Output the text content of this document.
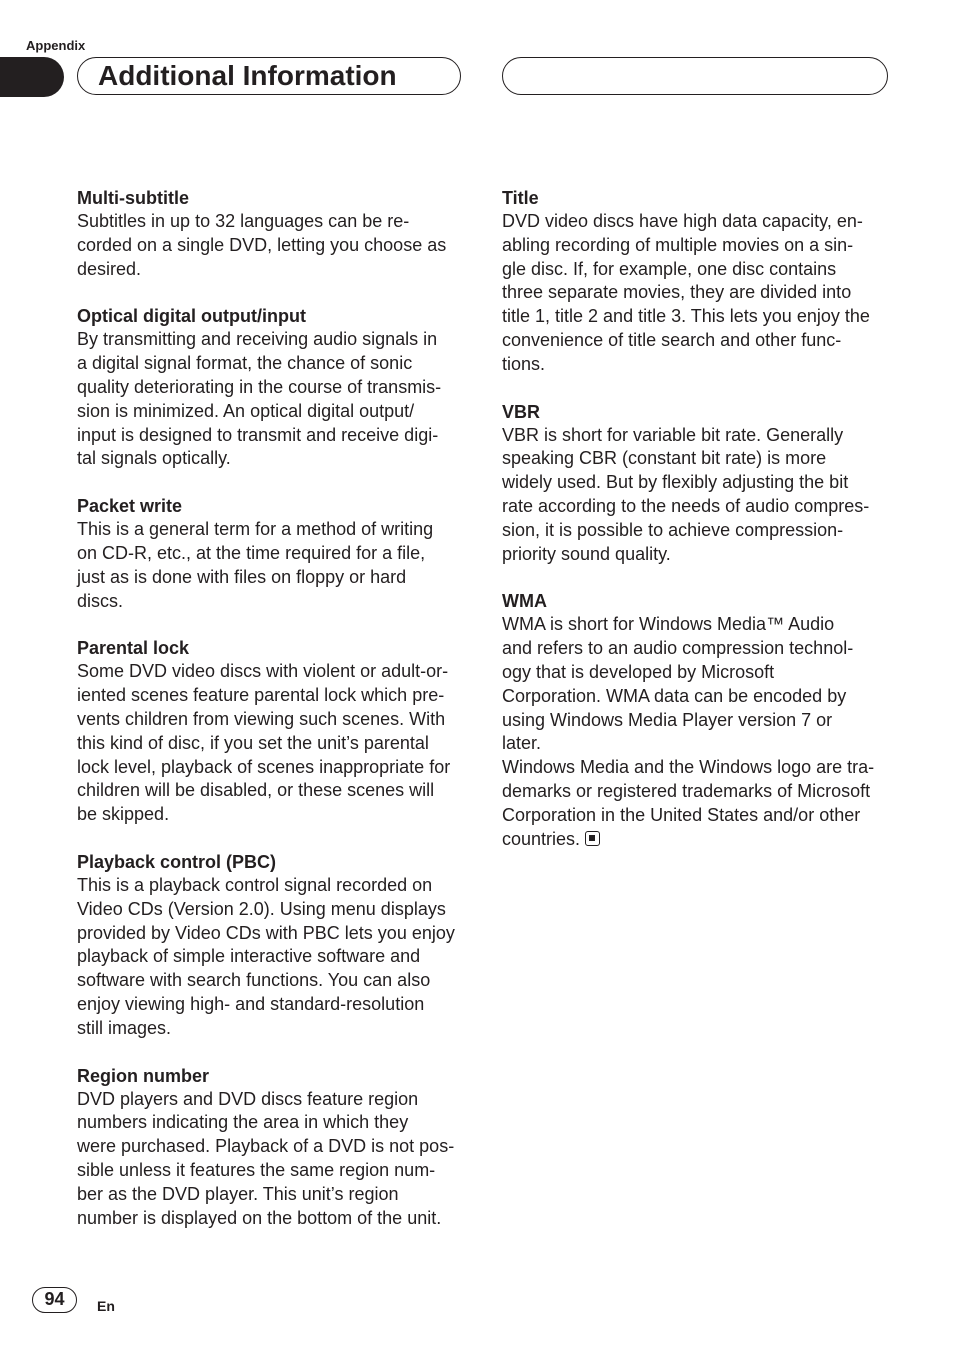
Appendix
Additional Information
Multi-subtitle
Subtitles in up to 32 languages can be re-
corded on a single DVD, letting you choose as
desired.
Optical digital output/input
By transmitting and receiving audio signals in
a digital signal format, the chance of sonic
quality deteriorating in the course of transmis-
sion is minimized. An optical digital output/
input is designed to transmit and receive digi-
tal signals optically.
Packet write
This is a general term for a method of writing
on CD-R, etc., at the time required for a file,
just as is done with files on floppy or hard
discs.
Parental lock
Some DVD video discs with violent or adult-or-
iented scenes feature parental lock which pre-
vents children from viewing such scenes. With
this kind of disc, if you set the unit’s parental
lock level, playback of scenes inappropriate for
children will be disabled, or these scenes will
be skipped.
Playback control (PBC)
This is a playback control signal recorded on
Video CDs (Version 2.0). Using menu displays
provided by Video CDs with PBC lets you enjoy
playback of simple interactive software and
software with search functions. You can also
enjoy viewing high- and standard-resolution
still images.
Region number
DVD players and DVD discs feature region
numbers indicating the area in which they
were purchased. Playback of a DVD is not pos-
sible unless it features the same region num-
ber as the DVD player. This unit’s region
number is displayed on the bottom of the unit.
Title
DVD video discs have high data capacity, en-
abling recording of multiple movies on a sin-
gle disc. If, for example, one disc contains
three separate movies, they are divided into
title 1, title 2 and title 3. This lets you enjoy the
convenience of title search and other func-
tions.
VBR
VBR is short for variable bit rate. Generally
speaking CBR (constant bit rate) is more
widely used. But by flexibly adjusting the bit
rate according to the needs of audio compres-
sion, it is possible to achieve compression-
priority sound quality.
WMA
WMA is short for Windows Media™ Audio
and refers to an audio compression technol-
ogy that is developed by Microsoft
Corporation. WMA data can be encoded by
using Windows Media Player version 7 or
later.
Windows Media and the Windows logo are tra-
demarks or registered trademarks of Microsoft
Corporation in the United States and/or other
countries.
94	En
